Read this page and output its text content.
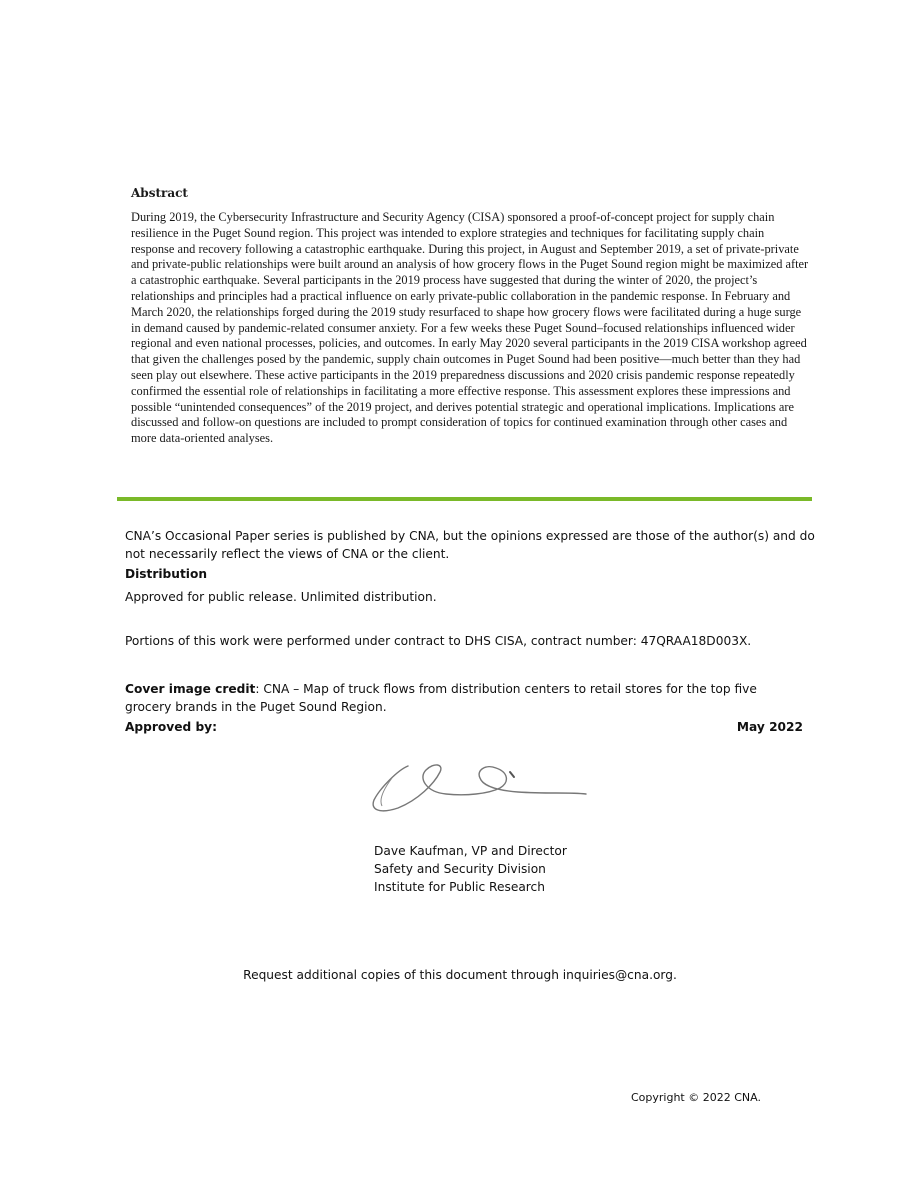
Abstract
During 2019, the Cybersecurity Infrastructure and Security Agency (CISA) sponsored a proof-of-concept project for supply chain resilience in the Puget Sound region. This project was intended to explore strategies and techniques for facilitating supply chain response and recovery following a catastrophic earthquake. During this project, in August and September 2019, a set of private-private and private-public relationships were built around an analysis of how grocery flows in the Puget Sound region might be maximized after a catastrophic earthquake. Several participants in the 2019 process have suggested that during the winter of 2020, the project’s relationships and principles had a practical influence on early private-public collaboration in the pandemic response. In February and March 2020, the relationships forged during the 2019 study resurfaced to shape how grocery flows were facilitated during a huge surge in demand caused by pandemic-related consumer anxiety. For a few weeks these Puget Sound–focused relationships influenced wider regional and even national processes, policies, and outcomes. In early May 2020 several participants in the 2019 CISA workshop agreed that given the challenges posed by the pandemic, supply chain outcomes in Puget Sound had been positive—much better than they had seen play out elsewhere. These active participants in the 2019 preparedness discussions and 2020 crisis pandemic response repeatedly confirmed the essential role of relationships in facilitating a more effective response. This assessment explores these impressions and possible “unintended consequences” of the 2019 project, and derives potential strategic and operational implications. Implications are discussed and follow-on questions are included to prompt consideration of topics for continued examination through other cases and more data-oriented analyses.
CNA’s Occasional Paper series is published by CNA, but the opinions expressed are those of the author(s) and do not necessarily reflect the views of CNA or the client.
Distribution
Approved for public release. Unlimited distribution.
Portions of this work were performed under contract to DHS CISA, contract number: 47QRAA18D003X.
Cover image credit: CNA – Map of truck flows from distribution centers to retail stores for the top five grocery brands in the Puget Sound Region.
Approved by:	May 2022
Dave Kaufman, VP and Director
Safety and Security Division
Institute for Public Research
Request additional copies of this document through inquiries@cna.org.
Copyright © 2022 CNA.
